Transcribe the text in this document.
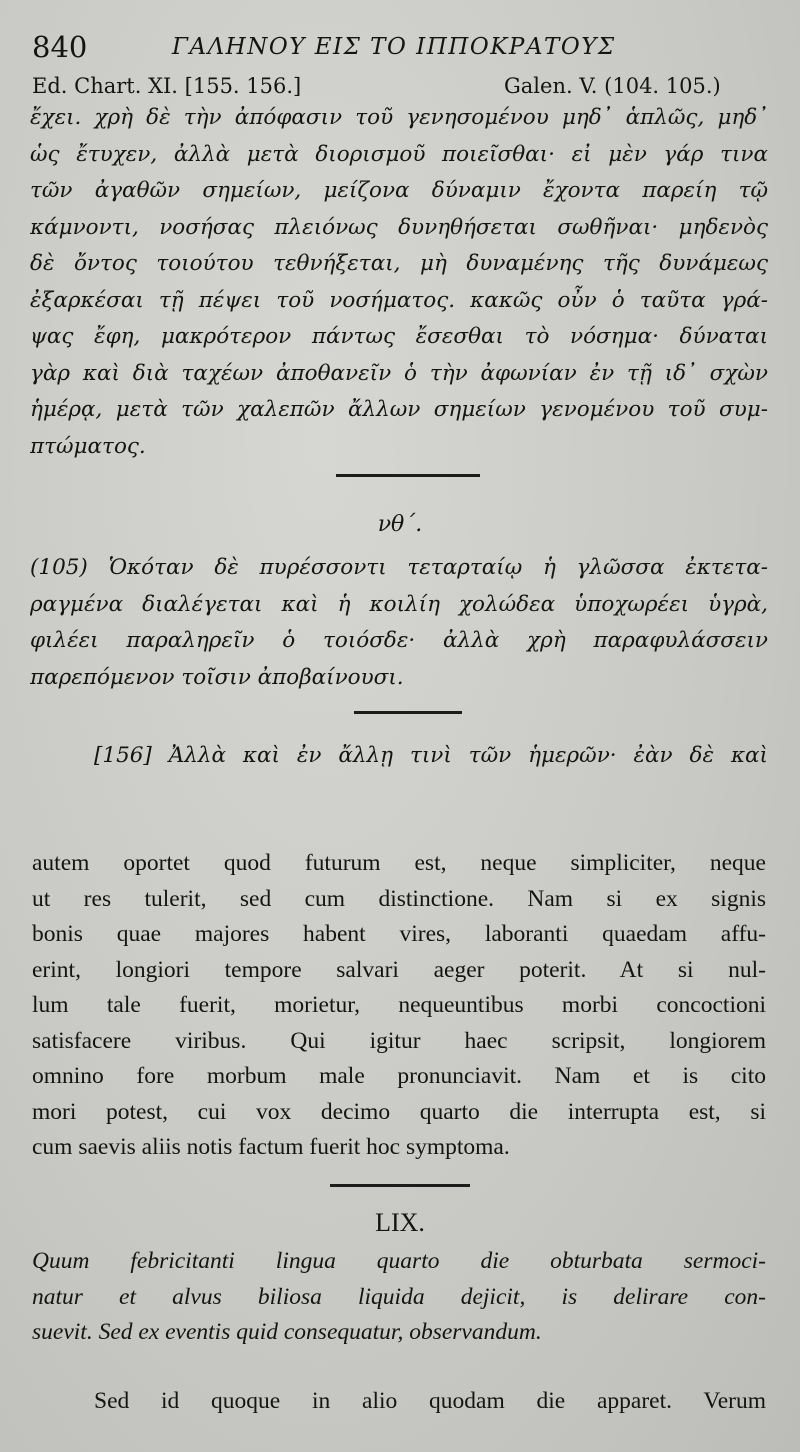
840	ΓΑΛΗΝΟΥ ΕΙΣ ΤΟ ΙΠΠΟΚΡΑΤΟΥΣ
Ed. Chart. XI. [155. 156.]	Galen. V. (104. 105.)
ἔχει. χρὴ δὲ τὴν ἀπόφασιν τοῦ γενησομένου μηδ᾽ ἁπλῶς, μηδ᾽
ὡς ἔτυχεν, ἀλλὰ μετὰ διορισμοῦ ποιεῖσθαι· εἰ μὲν γάρ τινα
τῶν ἀγαθῶν σημείων, μείζονα δύναμιν ἔχοντα παρείη τῷ
κάμνοντι, νοσήσας πλειόνως δυνηθήσεται σωθῆναι· μηδενὸς
δὲ ὄντος τοιούτου τεθνήξεται, μὴ δυναμένης τῆς δυνάμεως
ἐξαρκέσαι τῇ πέψει τοῦ νοσήματος. κακῶς οὖν ὁ ταῦτα γρά-
ψας ἔφη, μακρότερον πάντως ἔσεσθαι τὸ νόσημα· δύναται
γὰρ καὶ διὰ ταχέων ἀποθανεῖν ὁ τὴν ἀφωνίαν ἐν τῇ ιδ᾽ σχὼν
ἡμέρᾳ, μετὰ τῶν χαλεπῶν ἄλλων σημείων γενομένου τοῦ συμ-
πτώματος.
νθ΄.
(105) Ὁκόταν δὲ πυρέσσοντι τεταρταίῳ ἡ γλῶσσα ἐκτετα-
ραγμένα διαλέγεται καὶ ἡ κοιλίη χολώδεα ὑποχωρέει ὑγρὰ,
φιλέει παραληρεῖν ὁ τοιόσδε· ἀλλὰ χρὴ παραφυλάσσειν
παρεπόμενον τοῖσιν ἀποβαίνουσι.
[156] Ἀλλὰ καὶ ἐν ἄλλῃ τινὶ τῶν ἡμερῶν· ἐὰν δὲ καὶ
autem oportet quod futurum est, neque simpliciter, neque
ut res tulerit, sed cum distinctione. Nam si ex signis
bonis quae majores habent vires, laboranti quaedam affu-
erint, longiori tempore salvari aeger poterit. At si nul-
lum tale fuerit, morietur, nequeuntibus morbi concoctioni
satisfacere viribus. Qui igitur haec scripsit, longiorem
omnino fore morbum male pronunciavit. Nam et is cito
mori potest, cui vox decimo quarto die interrupta est, si
cum saevis aliis notis factum fuerit hoc symptoma.
LIX.
Quum febricitanti lingua quarto die obturbata sermoci-
natur et alvus biliosa liquida dejicit, is delirare con-
suevit. Sed ex eventis quid consequatur, observandum.
Sed id quoque in alio quodam die apparet. Verum
